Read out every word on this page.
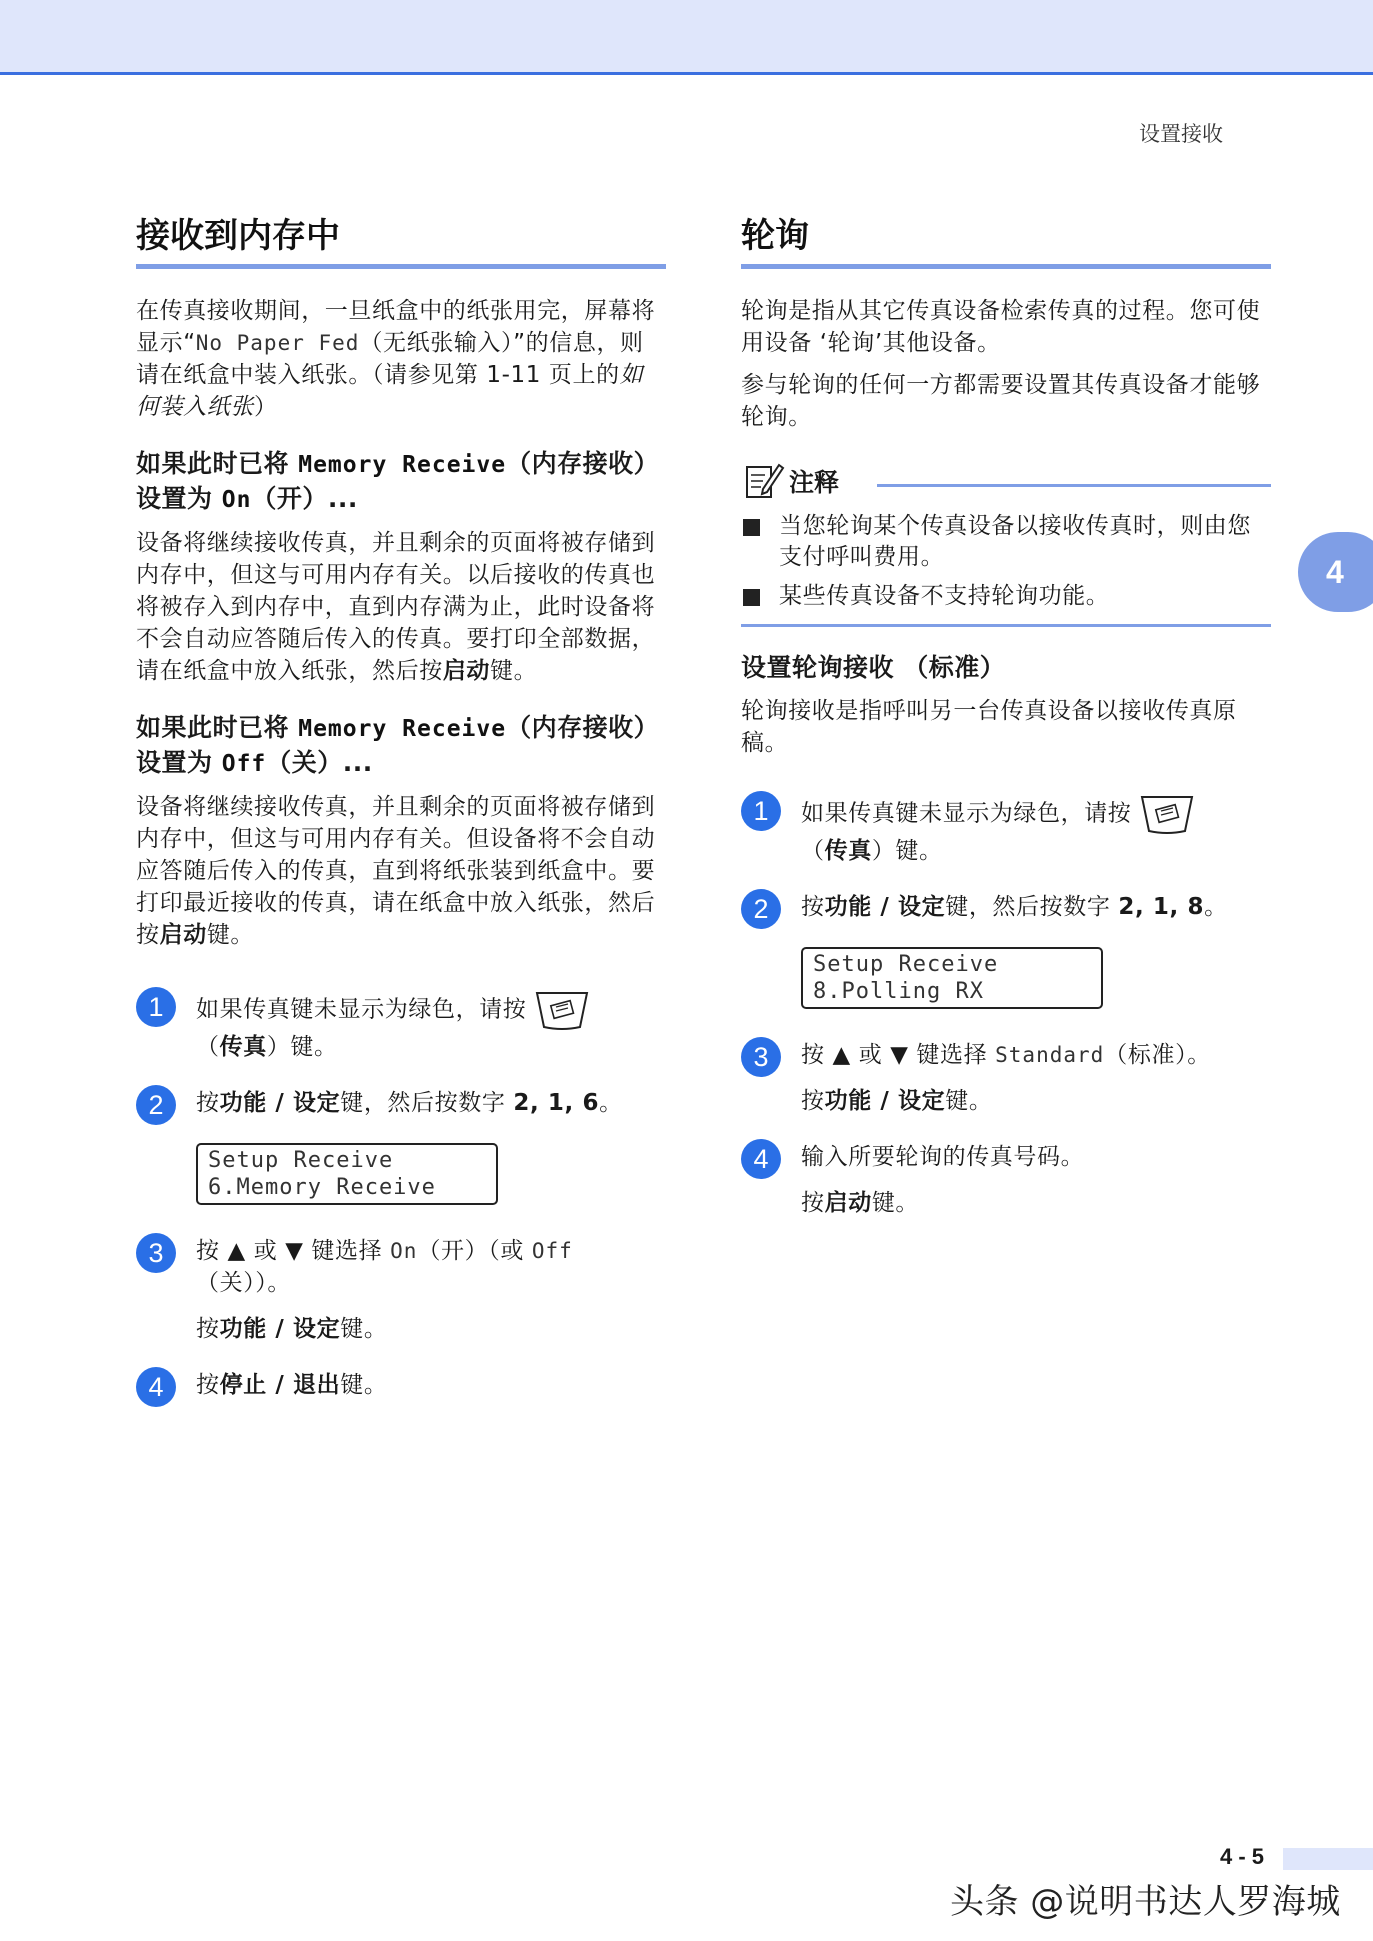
设置接收
接收到内存中

在传真接收期间，一旦纸盒中的纸张用完，屏幕将显示“No Paper Fed（无纸张输入）”的信息，则请在纸盒中装入纸张。（请参见第 1-11 页上的如何装入纸张）

如果此时已将 Memory Receive（内存接收）设置为 On（开）...

设备将继续接收传真，并且剩余的页面将被存储到内存中，但这与可用内存有关。以后接收的传真也将被存入到内存中，直到内存满为止，此时设备将不会自动应答随后传入的传真。要打印全部数据，请在纸盒中放入纸张，然后按启动键。

如果此时已将 Memory Receive（内存接收）设置为 Off（关）...

设备将继续接收传真，并且剩余的页面将被存储到内存中，但这与可用内存有关。但设备将不会自动应答随后传入的传真，直到将纸张装到纸盒中。要打印最近接收的传真，请在纸盒中放入纸张，然后按启动键。

1	如果传真键未显示为绿色，请按
（传真）键。

2	按功能 / 设定键，然后按数字 2, 1, 6。

Setup Receive
6.Memory Receive
3	按 ▲ 或 ▼ 键选择 On（开）（或 Off（关））。

按功能 / 设定键。

4	按停止 / 退出键。

轮询

轮询是指从其它传真设备检索传真的过程。您可使用设备 ‘轮询’其他设备。

参与轮询的任何一方都需要设置其传真设备才能够轮询。

注释
当您轮询某个传真设备以接收传真时，则由您支付呼叫费用。
某些传真设备不支持轮询功能。
设置轮询接收 （标准）

轮询接收是指呼叫另一台传真设备以接收传真原稿。

1	如果传真键未显示为绿色，请按
（传真）键。

2	按功能 / 设定键，然后按数字 2, 1, 8。

Setup Receive
8.Polling RX
3	按 ▲ 或 ▼ 键选择 Standard（标准）。

按功能 / 设定键。

4	输入所要轮询的传真号码。

按启动键。

4
4 - 5
头条 @说明书达人罗海城
